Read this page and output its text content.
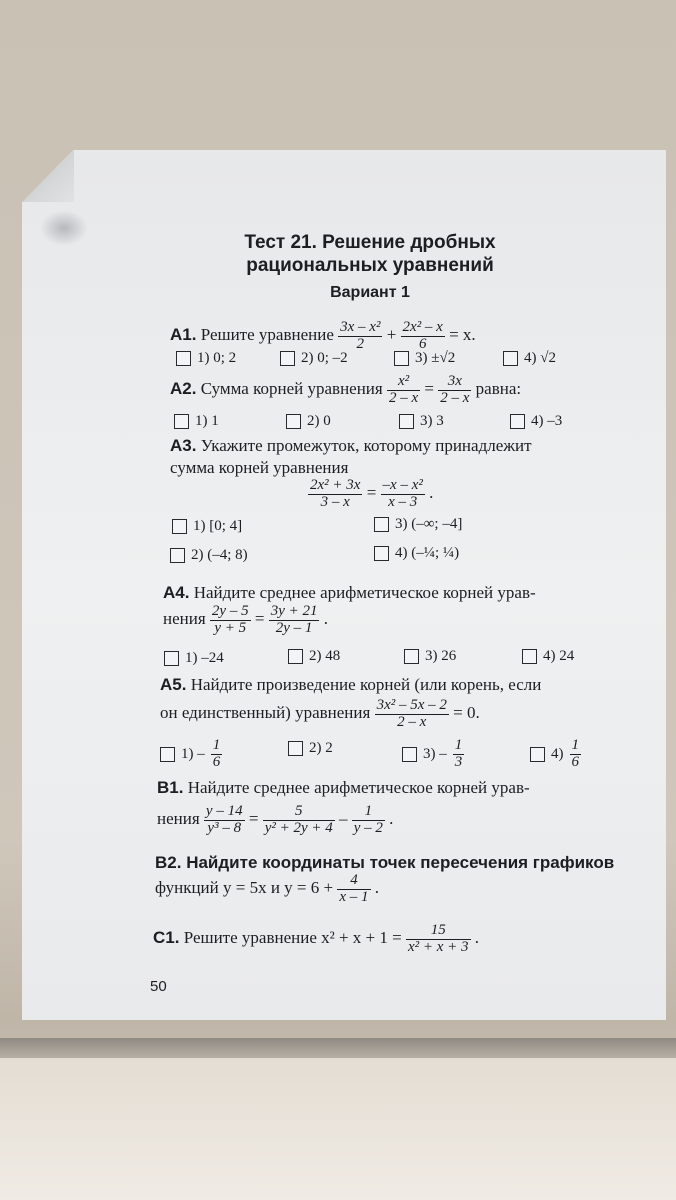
Тест 21. Решение дробных
рациональных уравнений
Вариант 1
А1. Решите уравнение $\frac{\text{3x – x²}}{2} + \frac{\text{2x² – x}}{6} = x$.
1) 0; 2	2) 0; –2	3) ±√2	4) √2
А2. Сумма корней уравнения $\frac{\text{x²}}{2 - x} = \frac{3x}{2 - x}$ равна:
1) 1	2) 0	3) 3	4) –3
А3. Укажите промежуток, которому принадлежит
сумма корней уравнения
$\frac{\text{2x² + 3x}}{3 - x} = \frac{\text{–x – x²}}{x - 3}$ .
1) [0; 4]	3) (–∞; –4]
2) (–4; 8)	4) (–¼; ¼)
А4. Найдите среднее арифметическое корней урав-
нения $\frac{2y - 5}{y + 5} = \frac{3y + 21}{2y - 1}$ .
1) –24	2) 48	3) 26	4) 24
А5. Найдите произведение корней (или корень, если
он единственный) уравнения $\frac{\text{3x² – 5x – 2}}{2 - x} = 0$.
$1) - \frac{1}{6}$	2) 2	$3) - \frac{1}{3}$	$4) \frac{1}{6}$
В1. Найдите среднее арифметическое корней урав-
нения $\frac{y - 14}{\text{y³ – 8}} = \frac{5}{\text{y² + 2y + 4}} - \frac{1}{y - 2}$ .
В2. Найдите координаты точек пересечения графиков
функций y = 5x и $y = 6 + \frac{4}{x - 1}$ .
С1. Решите уравнение $x^2 + x + 1 = \frac{15}{\text{x² + x + 3}}$ .
50
